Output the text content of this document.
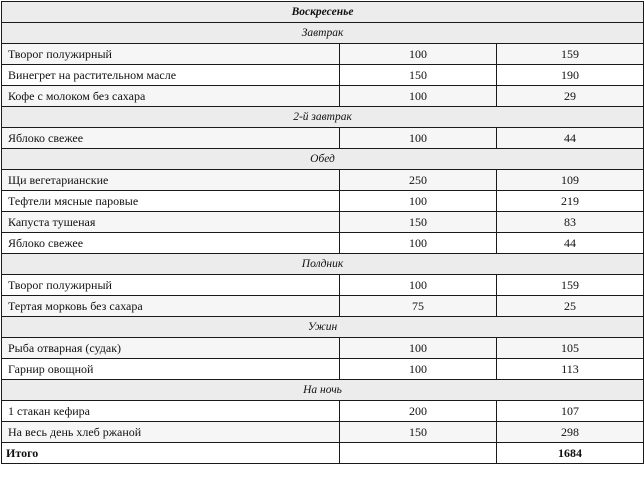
Воскресенье		
Завтрак		
Творог полужирный	100	159
Винегрет на растительном масле	150	190
Кофе с молоком без сахара	100	29
2-й завтрак		
Яблоко свежее	100	44
Обед		
Щи вегетарианские	250	109
Тефтели мясные паровые	100	219
Капуста тушеная	150	83
Яблоко свежее	100	44
Полдник		
Творог полужирный	100	159
Тертая морковь без сахара	75	25
Ужин		
Рыба отварная (судак)	100	105
Гарнир овощной	100	113
На ночь		
1 стакан кефира	200	107
На весь день хлеб ржаной	150	298
Итого		1684
